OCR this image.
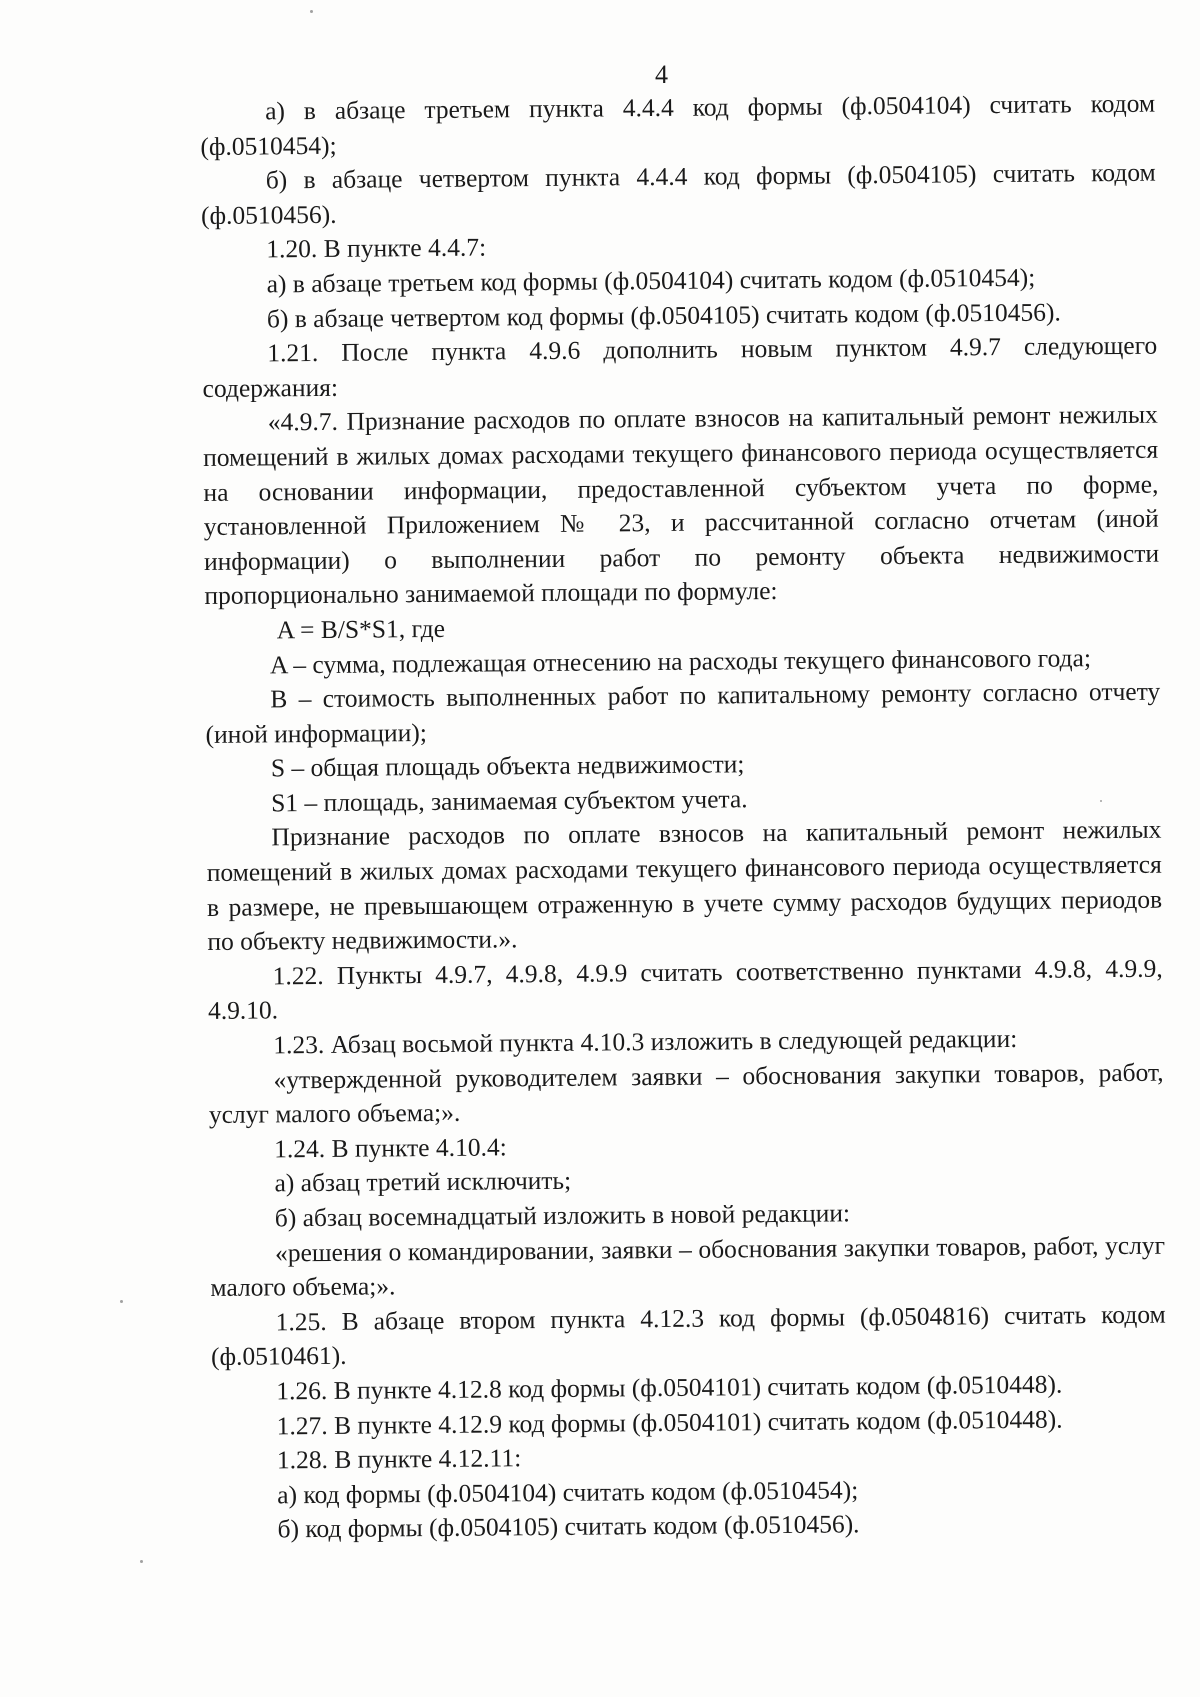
4

а) в абзаце третьем пункта 4.4.4 код формы (ф.0504104) считать кодом (ф.0510454);

б) в абзаце четвертом пункта 4.4.4 код формы (ф.0504105) считать кодом (ф.0510456).

1.20. В пункте 4.4.7:

а) в абзаце третьем код формы (ф.0504104) считать кодом (ф.0510454);

б) в абзаце четвертом код формы (ф.0504105) считать кодом (ф.0510456).

1.21. После пункта 4.9.6 дополнить новым пунктом 4.9.7 следующего содержания:

«4.9.7. Признание расходов по оплате взносов на капитальный ремонт нежилых помещений в жилых домах расходами текущего финансового периода осуществляется на основании информации, предоставленной субъектом учета по форме, установленной Приложением № 23, и рассчитанной согласно отчетам (иной информации) о выполнении работ по ремонту объекта недвижимости пропорционально занимаемой площади по формуле:

A = B/S*S1, где

A – сумма, подлежащая отнесению на расходы текущего финансового года;

B – стоимость выполненных работ по капитальному ремонту согласно отчету (иной информации);

S – общая площадь объекта недвижимости;

S1 – площадь, занимаемая субъектом учета.

Признание расходов по оплате взносов на капитальный ремонт нежилых помещений в жилых домах расходами текущего финансового периода осуществляется в размере, не превышающем отраженную в учете сумму расходов будущих периодов по объекту недвижимости.».

1.22. Пункты 4.9.7, 4.9.8, 4.9.9 считать соответственно пунктами 4.9.8, 4.9.9, 4.9.10.

1.23. Абзац восьмой пункта 4.10.3 изложить в следующей редакции:

«утвержденной руководителем заявки – обоснования закупки товаров, работ, услуг малого объема;».

1.24. В пункте 4.10.4:

а) абзац третий исключить;

б) абзац восемнадцатый изложить в новой редакции:

«решения о командировании, заявки – обоснования закупки товаров, работ, услуг малого объема;».

1.25. В абзаце втором пункта 4.12.3 код формы (ф.0504816) считать кодом (ф.0510461).

1.26. В пункте 4.12.8 код формы (ф.0504101) считать кодом (ф.0510448).

1.27. В пункте 4.12.9 код формы (ф.0504101) считать кодом (ф.0510448).

1.28. В пункте 4.12.11:

а) код формы (ф.0504104) считать кодом (ф.0510454);

б) код формы (ф.0504105) считать кодом (ф.0510456).
